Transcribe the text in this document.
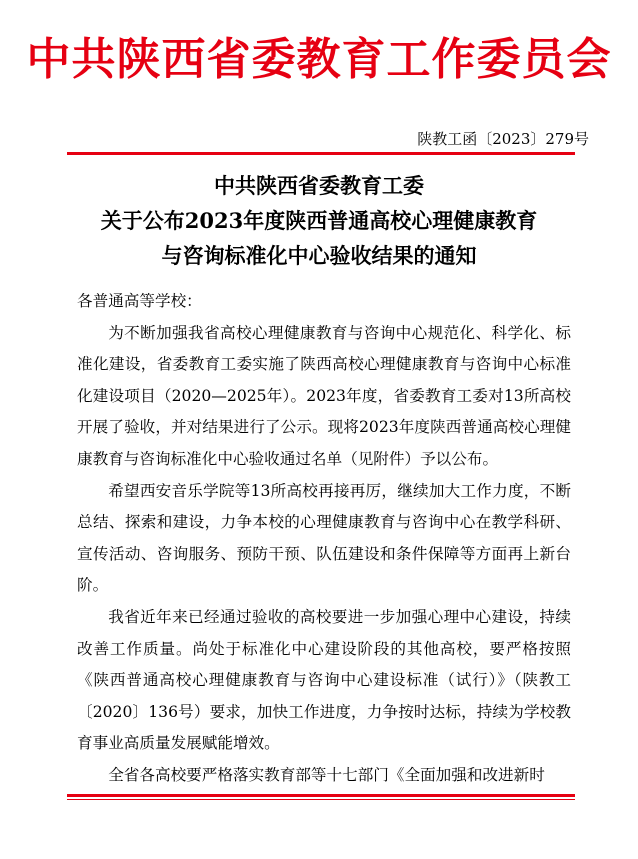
中共陕西省委教育工作委员会
陕教工函〔2023〕279号
中共陕西省委教育工委
关于公布2023年度陕西普通高校心理健康教育
与咨询标准化中心验收结果的通知

各普通高等学校：

为不断加强我省高校心理健康教育与咨询中心规范化、科学化、标准化建设，省委教育工委实施了陕西高校心理健康教育与咨询中心标准化建设项目（2020—2025年）。2023年度，省委教育工委对13所高校开展了验收，并对结果进行了公示。现将2023年度陕西普通高校心理健康教育与咨询标准化中心验收通过名单（见附件）予以公布。

希望西安音乐学院等13所高校再接再厉，继续加大工作力度，不断总结、探索和建设，力争本校的心理健康教育与咨询中心在教学科研、宣传活动、咨询服务、预防干预、队伍建设和条件保障等方面再上新台阶。

我省近年来已经通过验收的高校要进一步加强心理中心建设，持续改善工作质量。尚处于标准化中心建设阶段的其他高校，要严格按照《陕西普通高校心理健康教育与咨询中心建设标准（试行）》（陕教工〔2020〕136号）要求，加快工作进度，力争按时达标，持续为学校教育事业高质量发展赋能增效。

全省各高校要严格落实教育部等十七部门《全面加强和改进新时
